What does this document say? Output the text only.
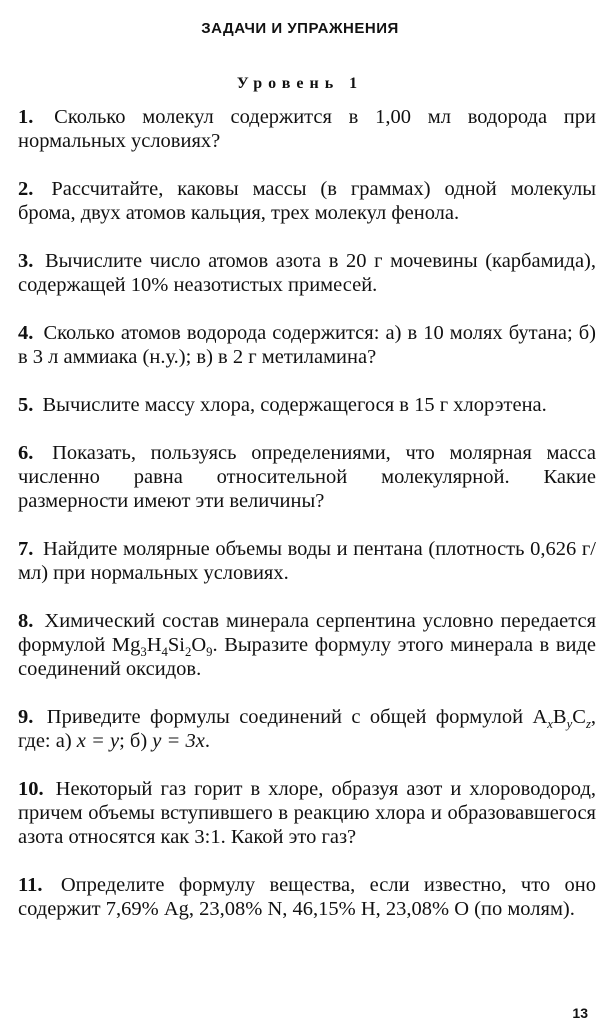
ЗАДАЧИ И УПРАЖНЕНИЯ
Уровень 1
1. Сколько молекул содержится в 1,00 мл водорода при нормальных условиях?
2. Рассчитайте, каковы массы (в граммах) одной молекулы брома, двух атомов кальция, трех молекул фенола.
3. Вычислите число атомов азота в 20 г мочевины (карбамида), содержащей 10% неазотистых примесей.
4. Сколько атомов водорода содержится: а) в 10 молях бутана; б) в 3 л аммиака (н.у.); в) в 2 г метиламина?
5. Вычислите массу хлора, содержащегося в 15 г хлорэтена.
6. Показать, пользуясь определениями, что молярная масса численно равна относительной молекулярной. Какие размерности имеют эти величины?
7. Найдите молярные объемы воды и пентана (плотность 0,626 г/мл) при нормальных условиях.
8. Химический состав минерала серпентина условно передается формулой $Mg_3H_4Si_2O_9$. Выразите формулу этого минерала в виде соединений оксидов.
9. Приведите формулы соединений с общей формулой $A_xB_yC_z$, где: а) x = y; б) y = 3x.
10. Некоторый газ горит в хлоре, образуя азот и хлороводород, причем объемы вступившего в реакцию хлора и образовавшегося азота относятся как 3:1. Какой это газ?
11. Определите формулу вещества, если известно, что оно содержит 7,69% Ag, 23,08% N, 46,15% H, 23,08% O (по молям).
13
